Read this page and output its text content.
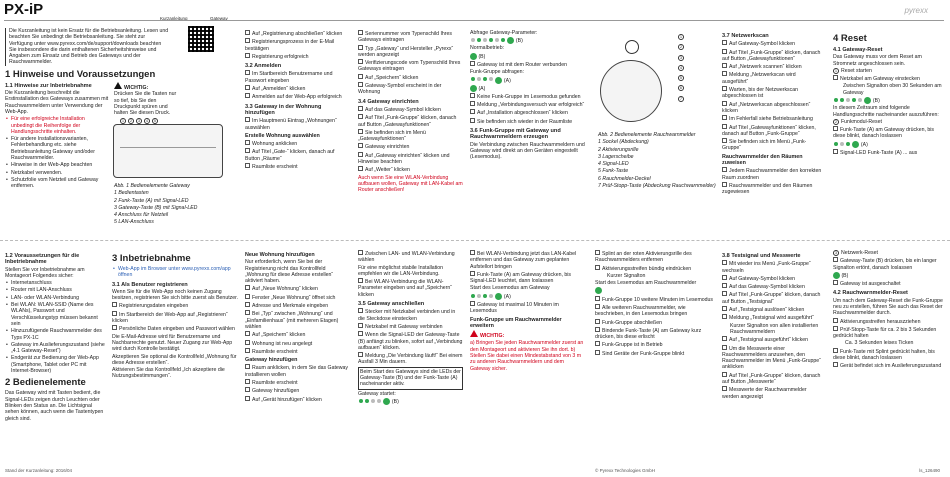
PX-iP
Kurzanleitung	Gateway
pyrexx
Die Kurzanleitung ist kein Ersatz für die Betriebsanleitung. Lesen und beachten Sie unbedingt die Betriebsanleitung. Sie steht zur Verfügung unter www.pyrexx.com/de/support/downloads beachten Sie insbesondere die darin enthaltenen Sicherheitshinweise und Angaben zum Einsatz und Betrieb des Gateways und der Rauchwarnmelder.
1 Hinweise und Voraussetzungen
1.1 Hinweise zur Inbetriebnahme
Die Kurzanleitung beschreibt die Erstinstallation des Gateways zusammen mit Rauchwarnmeldern unter Verwendung der Web-App.
• Für eine erfolgreiche Installation unbedingt die Reihenfolge der Handlungsschritte einhalten.
• Für andere Installationsvarianten, Fehlerbehandlung etc. siehe Betriebsanleitung Gateway und/oder Rauchwarnmelder.
• Hinweise in der Web-App beachten
• Netzkabel verwenden.
• Schutzfolie vom Netzteil und Gateway entfernen.
WICHTIG:
Drücken Sie die Tasten nur so tief, bis Sie den Druckpunkt spüren und halten Sie diesen Druck.
1 2 3 4 5
Abb. 1 Bedienelemente Gateway
1 Bedientasten
2 Funk-Taste (A) mit Signal-LED
3 Gateway-Taste (B) mit Signal-LED
4 Anschluss für Netzteil
5 LAN-Anschluss
1.2 Voraussetzungen für die Inbetriebnahme
Stellen Sie vor Inbetriebnahme am Montageort Folgendes sicher:
• Internetanschluss
• Router mit LAN-Anschluss
• LAN- oder WLAN-Verbindung
• Bei WLAN: WLAN-SSID (Name des WLANs), Passwort und Verschlüsselungstyp müssen bekannt sein
• Hinzuzufügende Rauchwarnmelder des Typs PX-1C
• Gateway im Auslieferungszustand (siehe „4.1 Gateway-Reset“)
• Endgerät zur Bedienung der Web-App (Smartphone, Tablet oder PC mit Internet-Browser)
2 Bedienelemente
Das Gateway wird mit Tasten bedient, die Signal-LEDs zeigen durch Leuchten oder Blinken den Status an. Die Lichtsignal sehen können, auch wenn die Tastentypen gleich sind.
Stand der Kurzanleitung: 2016/04
Auf „Registrierung abschließen“ klicken
Registrierungsprozess in der E-Mail bestätigen
Registrierung erfolgreich
3.2 Anmelden
Im Startbereich Benutzername und Passwort eingeben
Auf „Anmelden“ klicken
Anmelden auf der Web-App erfolgreich
3.3 Gateway in der Wohnung hinzufügen
Im Hauptmenü Eintrag „Wohnungen“ auswählen
Erstelle Wohnung auswählen
Wohnung anklicken
Auf Titel „Gate-“ klicken, danach auf Button „Räume“
Raumliste erscheint
3 Inbetriebnahme
• Web-App im Browser unter www.pyrexx.com/app öffnen
3.1 Als Benutzer registrieren
Wenn Sie für die Web-App noch keinen Zugang besitzen, registrieren Sie sich bitte zuerst als Benutzer.
Registrierungsdaten eingeben
Im Startbereich der Web-App auf „Registrieren“ klicken
Persönliche Daten eingeben und Passwort wählen
Die E-Mail-Adresse wird für Benutzername und Nachbarrechte genutzt. Neuer Zugang zur Web-App wird durch Kontrolle bestätigt.
Akzeptieren Sie optional die Kontrollfeld „Wohnung für diese Adresse erstellen“.
Aktivieren Sie das Kontrollfeld „Ich akzeptiere die Nutzungsbestimmungen“.
Seriennummer vom Typenschild Ihres Gateways eintragen
Typ „Gateway“ und Hersteller „Pyrexx“ werden angezeigt
Verifizierungscode vom Typenschild Ihres Gateways eintragen
Auf „Speichern“ klicken
Gateway-Symbol erscheint in der Wohnung
3.4 Gateway einrichten
Auf das Gateway-Symbol klicken
Auf Titel „Funk-Gruppe“ klicken, danach auf Button „Gatewayfunktionen“
Sie befinden sich im Menü „Gatewayfunktionen“
Gateway einrichten
Auf „Gateway einrichten“ klicken und Hinweise beachten
Auf „Weiter“ klicken
Auch wenn Sie eine WLAN-Verbindung aufbauen wollen, Gateway mit LAN-Kabel am Router anschließen!
Neue Wohnung hinzufügen
Nur erforderlich, wenn Sie bei der Registrierung nicht das Kontrollfeld „Wohnung für diese Adresse erstellen“ aktiviert haben.
Auf „Neue Wohnung“ klicken
Fenster „Neue Wohnung“ öffnet sich
Adresse und Merkmale eingeben
Bei „Typ“ zwischen „Wohnung“ und „Einfamilienhaus“ (mit mehreren Etagen) wählen
Auf „Speichern“ klicken
Wohnung ist neu angelegt
Raumliste erscheint
Gateway hinzufügen
Raum anklicken, in dem Sie das Gateway installieren wollen
Raumliste erscheint
Gateway hinzufügen
Auf „Gerät hinzufügen“ klicken
Zwischen LAN- und WLAN-Verbindung wählen
Für eine möglichst stabile Installation empfehlen wir die LAN-Verbindung.
Bei WLAN-Verbindung die WLAN-Parameter eingeben und auf „Speichern“ klicken
3.5 Gateway anschließen
Stecker mit Netzkabel verbinden und in die Steckdose einstecken
Netzkabel mit Gateway verbinden
Wenn die Signal-LED der Gateway-Taste (B) anfängt zu blinken, sofort auf „Verbindung aufbauen“ klicken.
Meldung „Die Verbindung läuft!“ Bei einem Ausfall 3 Min dauern.
Beim Start des Gateways sind die LEDs der Gateway-Taste (B) und der Funk-Taste (A) nacheinander aktiv.
Gateway startet:
(B)
Abfrage Gateway-Parameter:
(B)
Normalbetrieb:
(B)
Gateway ist mit dem Router verbunden
Funk-Gruppe abfragen:
(A)
(A)
Keine Funk-Gruppe im Lesemodus gefunden
Meldung „Verbindungsversuch war erfolgreich“
Auf „Installation abgeschlossen“ klicken
Sie befinden sich wieder in der Raumliste
3.6 Funk-Gruppe mit Gateway und Rauchwarnmeldern erzeugen
Die Verbindung zwischen Rauchwarnmeldern und Gateway wird direkt an den Geräten eingestellt (Lesemodus).
1
2
3
4
5
6
7
Abb. 2 Bedienelemente Rauchwarnmelder
1 Sockel (Abdeckung)
2 Aktivierungsrille
3 Lagerscheibe
4 Signal-LED
5 Funk-Taste
6 Rauchmelder-Deckel
7 Prüf-Stopp-Taste (Abdeckung Rauchwarnmelder)
Bei WLAN-Verbindung jetzt das LAN-Kabel entfernen und das Gateway zum geplanten Aufstellort bringen
Funk-Taste (A) am Gateway drücken, bis Signal-LED leuchtet, dann loslassen
Start des Lesemodus am Gateway
(A)
Gateway ist maximal 10 Minuten im Lesemodus
Funk-Gruppe um Rauchwarnmelder erweitern
WICHTIG:
a) Bringen Sie jeden Rauchwarnmelder zuerst an den Montageort und aktivieren Sie ihn dort. b) Stellen Sie dabei einen Mindestabstand von 3 m zu anderen Rauchwarnmeldern und dem Gateway sicher.
Splint an der roten Aktivierungsrille des Rauchwarnmelders entfernen
Aktivierungsstreifen bündig eindrücken
Kurzer Signalton
Start des Lesemodus am Rauchwarnmelder
Funk-Gruppe 10 weitere Minuten im Lesemodus
Alle weiteren Rauchwarnmelder, wie beschrieben, in den Lesemodus bringen
Funk-Gruppe abschließen
Bindende Funk-Taste (A) am Gateway kurz drücken, bis diese erlischt
Funk-Gruppe ist in Betrieb
Sind Geräte der Funk-Gruppe blinkt
© Pyrexx Technologies GmbH
3.7 Netzwerkscan
Auf Gateway-Symbol klicken
Auf Titel „Funk-Gruppe“ klicken, danach auf Button „Gatewayfunktionen“
Auf „Netzwerk scannen“ klicken
Meldung „Netzwerkscan wird ausgeführt“
Warten, bis der Netzwerkscan abgeschlossen ist
Auf „Netzwerkscan abgeschlossen“ klicken
Im Fehlerfall siehe Betriebsanleitung
Auf Titel „Gatewayfunktionen“ klicken, danach auf Button „Funk-Gruppe“
Sie befinden sich im Menü „Funk-Gruppe“
Rauchwarnmelder den Räumen zuweisen
Jedem Rauchwarnmelder den korrekten Raum zuordnen
Rauchwarnmelder und den Räumen zugewiesen
3.8 Testsignal und Messwerte
Mit wieder ins Menü „Funk-Gruppe“ wechseln
Auf Gateway-Symbol klicken
Auf das Gateway-Symbol klicken
Auf Titel „Funk-Gruppe“ klicken, danach auf Button „Testsignal“
Auf „Testsignal auslösen“ klicken
Meldung „Testsignal wird ausgeführt“
Kurzer Signalton von allen installierten Rauchwarnmeldern
Auf „Testsignal ausgeführt“ klicken
Um die Messwerte einer Rauchwarnmelders anzusehen, den Rauchwarnmelder im Menü „Funk-Gruppe“ anklicken
Auf Titel „Funk-Gruppe“ klicken, danach auf Button „Messwerte“
Messwerte der Rauchwarnmelder werden angezeigt
4 Reset
4.1 Gateway-Reset
Das Gateway muss vor dem Reset am Stromnetz angeschlossen sein.
1 Reset starten
Netzkabel am Gateway einstecken
Zwischen Signalton oben 30 Sekunden am Gateway
(B)
In diesem Zeitraum sind folgende Handlungsschritte nacheinander auszuführen:
2 Funkmodul-Reset
Funk-Taste (A) am Gateway drücken, bis diese blinkt, danach loslassen
(A)
Signal-LED Funk-Taste (A) ... aus
3 Netzwerk-Reset
Gateway-Taste (B) drücken, bis ein langer Signalton ertönt, danach loslassen
(B)
Gateway ist ausgeschaltet
4.2 Rauchwarnmelder-Reset
Um nach dem Gateway-Reset die Funk-Gruppe neu zu erstellen, führen Sie auch das Reset der Rauchwarnmelder durch.
Aktivierungsstreifen herauszziehen
Prüf-Stopp-Taste für ca. 2 bis 3 Sekunden gedrückt halten
Ca. 3 Sekunden leises Ticken
Funk-Taste mit Splint gedrückt halten, bis diese blinkt, danach loslassen
Gerät befindet sich im Auslieferungszustand
ls_126490
